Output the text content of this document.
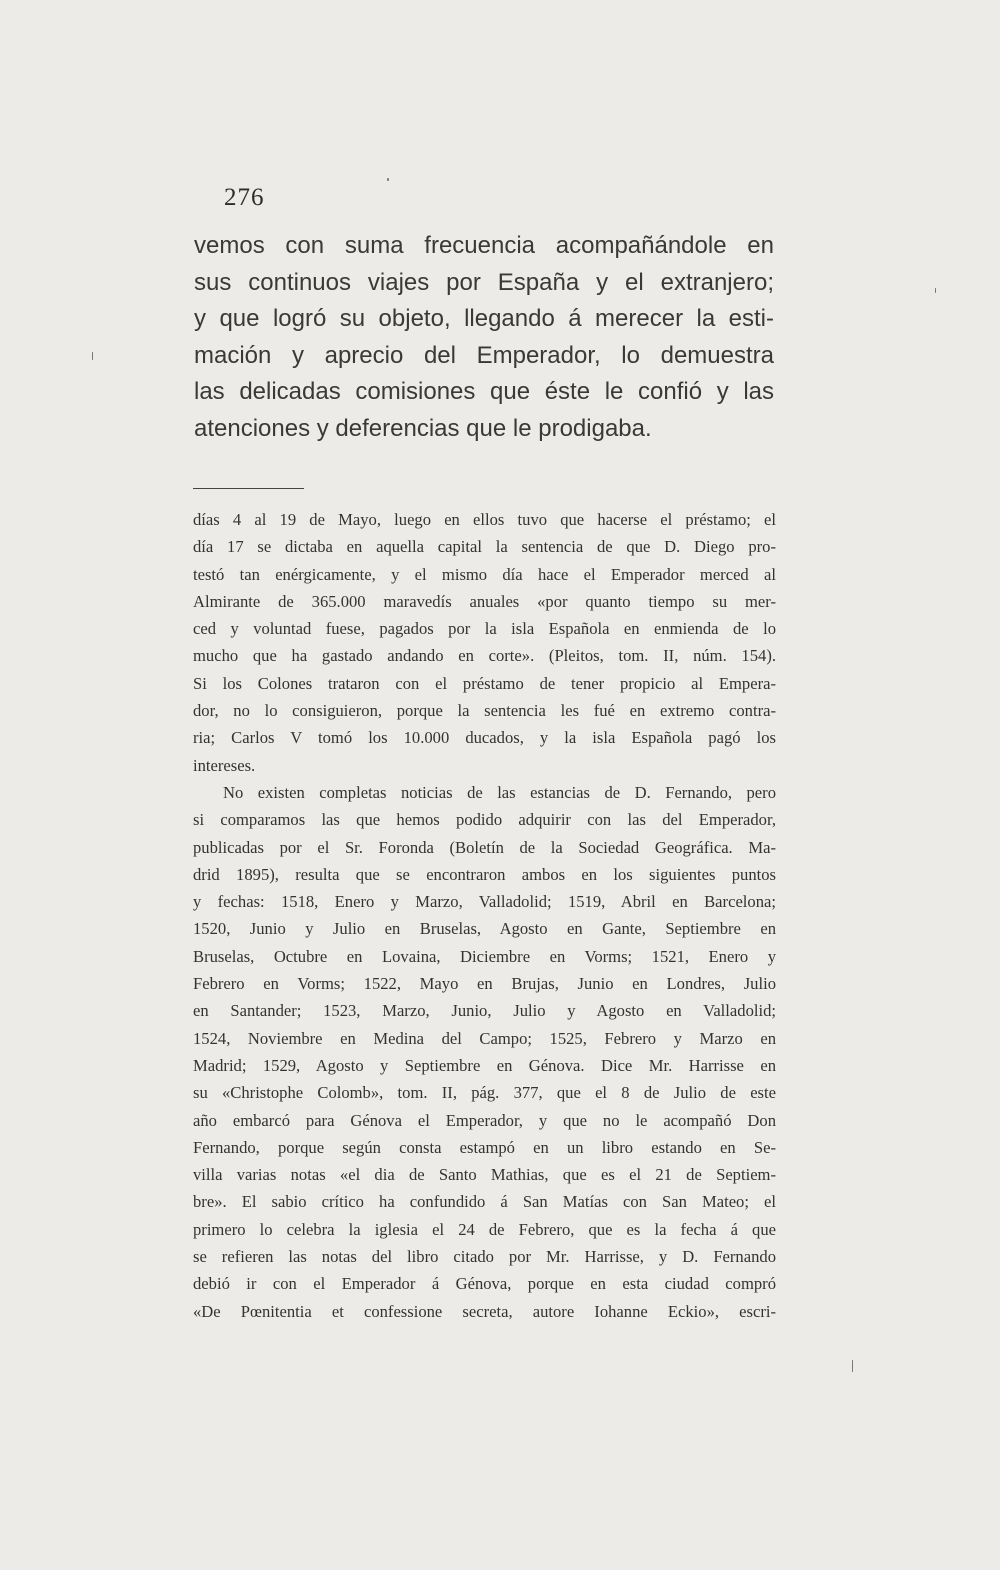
276
vemos con suma frecuencia acompañándole en
sus continuos viajes por España y el extranjero;
y que logró su objeto, llegando á merecer la esti-
mación y aprecio del Emperador, lo demuestra
las delicadas comisiones que éste le confió y las
atenciones y deferencias que le prodigaba.

días 4 al 19 de Mayo, luego en ellos tuvo que hacerse el préstamo; el
día 17 se dictaba en aquella capital la sentencia de que D. Diego pro-
testó tan enérgicamente, y el mismo día hace el Emperador merced al
Almirante de 365.000 maravedís anuales «por quanto tiempo su mer-
ced y voluntad fuese, pagados por la isla Española en enmienda de lo
mucho que ha gastado andando en corte». (Pleitos, tom. II, núm. 154).
Si los Colones trataron con el préstamo de tener propicio al Empera-
dor, no lo consiguieron, porque la sentencia les fué en extremo contra-
ria; Carlos V tomó los 10.000 ducados, y la isla Española pagó los
intereses.

No existen completas noticias de las estancias de D. Fernando, pero
si comparamos las que hemos podido adquirir con las del Emperador,
publicadas por el Sr. Foronda (Boletín de la Sociedad Geográfica. Ma-
drid 1895), resulta que se encontraron ambos en los siguientes puntos
y fechas: 1518, Enero y Marzo, Valladolid; 1519, Abril en Barcelona;
1520, Junio y Julio en Bruselas, Agosto en Gante, Septiembre en
Bruselas, Octubre en Lovaina, Diciembre en Vorms; 1521, Enero y
Febrero en Vorms; 1522, Mayo en Brujas, Junio en Londres, Julio
en Santander; 1523, Marzo, Junio, Julio y Agosto en Valladolid;
1524, Noviembre en Medina del Campo; 1525, Febrero y Marzo en
Madrid; 1529, Agosto y Septiembre en Génova. Dice Mr. Harrisse en
su «Christophe Colomb», tom. II, pág. 377, que el 8 de Julio de este
año embarcó para Génova el Emperador, y que no le acompañó Don
Fernando, porque según consta estampó en un libro estando en Se-
villa varias notas «el dia de Santo Mathias, que es el 21 de Septiem-
bre». El sabio crítico ha confundido á San Matías con San Mateo; el
primero lo celebra la iglesia el 24 de Febrero, que es la fecha á que
se refieren las notas del libro citado por Mr. Harrisse, y D. Fernando
debió ir con el Emperador á Génova, porque en esta ciudad compró
«De Pœnitentia et confessione secreta, autore Iohanne Eckio», escri-
